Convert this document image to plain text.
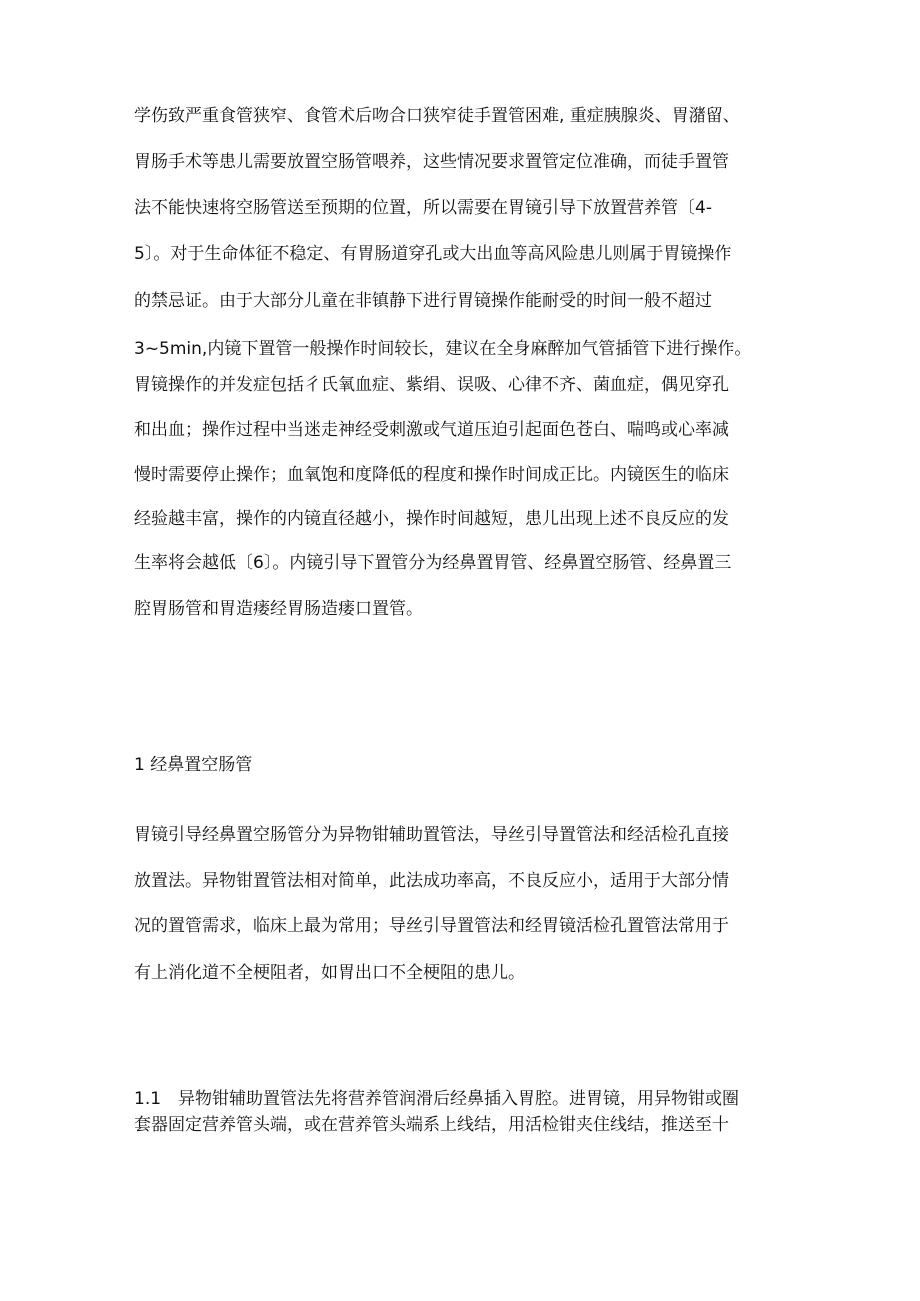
学伤致严重食管狭窄、食管术后吻合口狭窄徒手置管困难, 重症胰腺炎、胃潴留、

胃肠手术等患儿需要放置空肠管喂养，这些情况要求置管定位准确，而徒手置管

法不能快速将空肠管送至预期的位置，所以需要在胃镜引导下放置营养管〔4-

5〕。对于生命体征不稳定、有胃肠道穿孔或大出血等高风险患儿则属于胃镜操作

的禁忌证。由于大部分儿童在非镇静下进行胃镜操作能耐受的时间一般不超过

3~5min,内镜下置管一般操作时间较长，建议在全身麻醉加气管插管下进行操作。

胃镜操作的并发症包括彳氏氧血症、紫绢、误吸、心律不齐、菌血症，偶见穿孔

和出血；操作过程中当迷走神经受刺激或气道压迫引起面色苍白、喘鸣或心率减

慢时需要停止操作；血氧饱和度降低的程度和操作时间成正比。内镜医生的临床

经验越丰富，操作的内镜直径越小，操作时间越短，患儿出现上述不良反应的发

生率将会越低〔6〕。内镜引导下置管分为经鼻置胃管、经鼻置空肠管、经鼻置三

腔胃肠管和胃造瘘经胃肠造瘘口置管。

1 经鼻置空肠管

胃镜引导经鼻置空肠管分为异物钳辅助置管法，导丝引导置管法和经活检孔直接

放置法。异物钳置管法相对简单，此法成功率高，不良反应小，适用于大部分情

况的置管需求，临床上最为常用；导丝引导置管法和经胃镜活检孔置管法常用于

有上消化道不全梗阻者，如胃出口不全梗阻的患儿。

1.1　异物钳辅助置管法先将营养管润滑后经鼻插入胃腔。进胃镜，用异物钳或圈

套器固定营养管头端，或在营养管头端系上线结，用活检钳夹住线结，推送至十
